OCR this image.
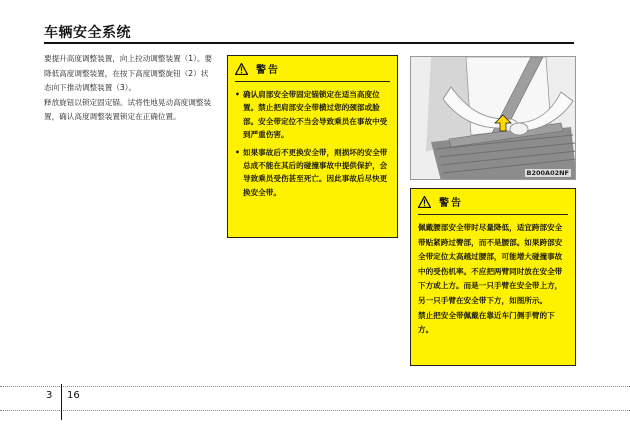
车辆安全系统

要提升高度调整装置，向上拉动调整装置（1）。要降低高度调整装置，在按下高度调整旋钮（2）状态向下推动调整装置（3）。

释放旋钮以锁定固定锚。试将性地晃动高度调整装置，确认高度调整装置锁定在正确位置。

警告
• 确认肩部安全带固定锚锁定在适当高度位置。禁止把肩部安全带横过您的颈部或脸部。安全带定位不当会导致乘员在事故中受到严重伤害。
• 如果事故后不更换安全带，则损坏的安全带总成不能在其后的碰撞事故中提供保护，会导致乘员受伤甚至死亡。因此事故后尽快更换安全带。
B200A02NF
警告

佩戴腰部安全带时尽量降低，适宜跨部安全带贴紧跨过臀部，而不是腰部。如果跨部安全带定位太高越过腰部，可能增大碰撞事故中的受伤机率。不应把两臂同时放在安全带下方或上方。而是一只手臂在安全带上方，另一只手臂在安全带下方，如图所示。

禁止把安全带佩戴在靠近车门侧手臂的下方。

3 16
